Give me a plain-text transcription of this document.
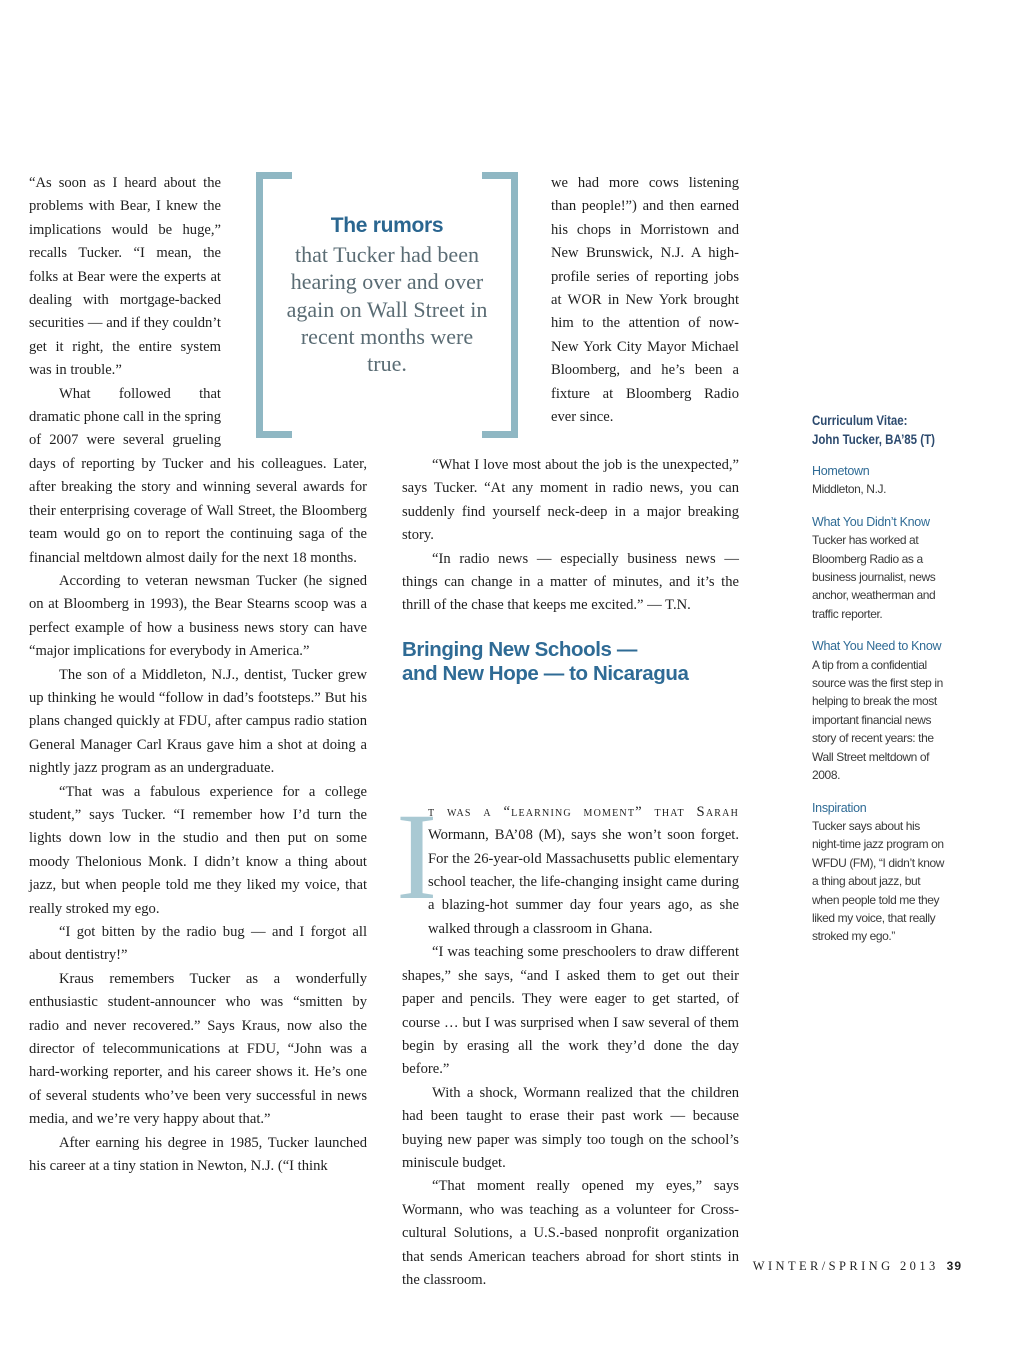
“As soon as I heard about the problems with Bear, I knew the implications would be huge,” recalls Tucker. “I mean, the folks at Bear were the experts at dealing with mortgage-backed securities — and if they couldn’t get it right, the entire system was in trouble.”

What followed that dramatic phone call in the spring of 2007 were several grueling days of reporting by Tucker and his colleagues. Later, after breaking the story and winning several awards for their enterprising coverage of Wall Street, the Bloomberg team would go on to report the continuing saga of the financial meltdown almost daily for the next 18 months.

According to veteran newsman Tucker (he signed on at Bloomberg in 1993), the Bear Stearns scoop was a perfect example of how a business news story can have “major implications for everybody in America.”

The son of a Middleton, N.J., dentist, Tucker grew up thinking he would “follow in dad’s footsteps.” But his plans changed quickly at FDU, after campus radio station General Manager Carl Kraus gave him a shot at doing a nightly jazz program as an undergraduate.

“That was a fabulous experience for a college student,” says Tucker. “I remember how I’d turn the lights down low in the studio and then put on some moody Thelonious Monk. I didn’t know a thing about jazz, but when people told me they liked my voice, that really stroked my ego.

“I got bitten by the radio bug — and I forgot all about dentistry!”

Kraus remembers Tucker as a wonderfully enthusiastic student-announcer who was “smitten by radio and never recovered.” Says Kraus, now also the director of telecommunications at FDU, “John was a hard-working reporter, and his career shows it. He’s one of several students who’ve been very successful in news media, and we’re very happy about that.”

After earning his degree in 1985, Tucker launched his career at a tiny station in Newton, N.J. (“I think

The rumors
that Tucker had been hearing over and over again on Wall Street in recent months were true.

we had more cows listening than people!”) and then earned his chops in Morristown and New Brunswick, N.J. A high-profile series of reporting jobs at WOR in New York brought him to the attention of now-New York City Mayor Michael Bloomberg, and he’s been a fixture at Bloomberg Radio ever since.

“What I love most about the job is the unexpected,” says Tucker. “At any moment in radio news, you can suddenly find yourself neck-deep in a major breaking story.

“In radio news — especially business news — things can change in a matter of minutes, and it’s the thrill of the chase that keeps me excited.” — T.N.

I
t was a “learning moment” that Sarah Wormann, BA’08 (M), says she won’t soon forget. For the 26-year-old Massachusetts public elementary school teacher, the life-changing insight came during a blazing-hot summer day four years ago, as she walked through a classroom in Ghana.

“I was teaching some preschoolers to draw different shapes,” she says, “and I asked them to get out their paper and pencils. They were eager to get started, of course … but I was surprised when I saw several of them begin by erasing all the work they’d done the day before.”

With a shock, Wormann realized that the children had been taught to erase their past work — because buying new paper was simply too tough on the school’s miniscule budget.

“That moment really opened my eyes,” says Wormann, who was teaching as a volunteer for Cross-cultural Solutions, a U.S.-based nonprofit organization that sends American teachers abroad for short stints in the classroom.

Bringing New Schools —
and New Hope — to Nicaragua
Curriculum Vitae:
John Tucker, BA’85 (T)
Hometown
Middleton, N.J.
What You Didn’t Know
Tucker has worked at Bloomberg Radio as a business journalist, news anchor, weatherman and traffic reporter.
What You Need to Know
A tip from a confidential source was the first step in helping to break the most important financial news story of recent years: the Wall Street meltdown of 2008.
Inspiration
Tucker says about his night-time jazz program on WFDU (FM), “I didn’t know a thing about jazz, but when people told me they liked my voice, that really stroked my ego.”
WINTER/SPRING 2013 39
